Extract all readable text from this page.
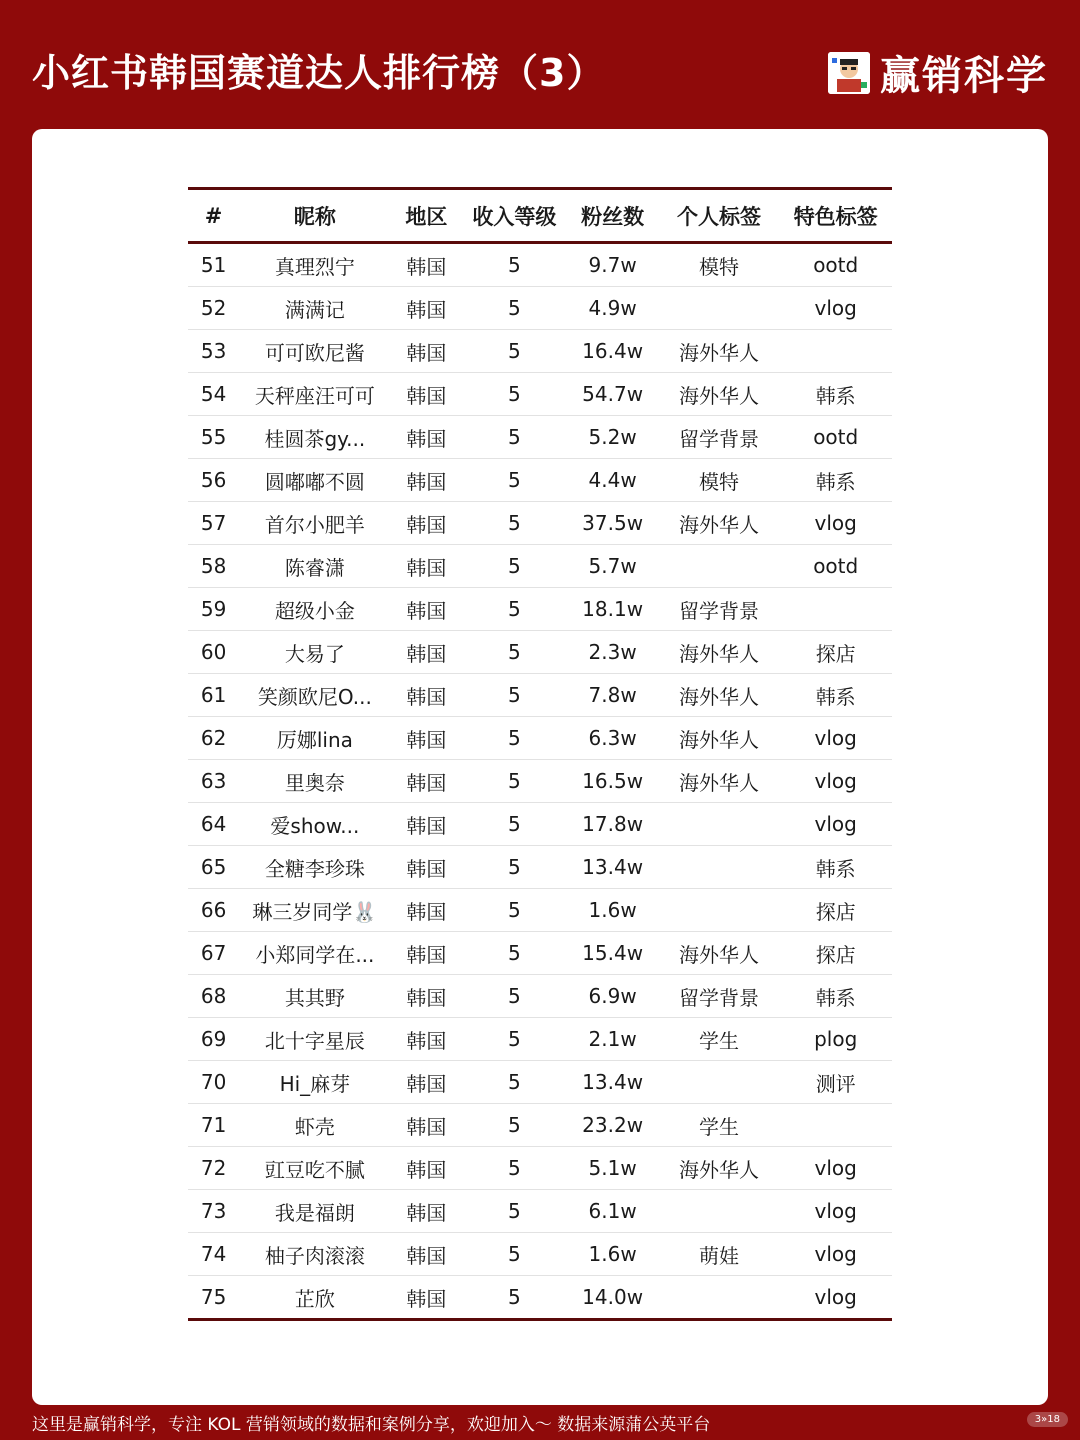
小红书韩国赛道达人排行榜（3）	赢销科学
#	昵称	地区	收入等级	粉丝数	个人标签	特色标签
51	真理烈宁	韩国	5	9.7w	模特	ootd
52	满满记	韩国	5	4.9w		vlog
53	可可欧尼酱	韩国	5	16.4w	海外华人	
54	天秤座汪可可	韩国	5	54.7w	海外华人	韩系
55	桂圆茶gy...	韩国	5	5.2w	留学背景	ootd
56	圆嘟嘟不圆	韩国	5	4.4w	模特	韩系
57	首尔小肥羊	韩国	5	37.5w	海外华人	vlog
58	陈睿潇	韩国	5	5.7w		ootd
59	超级小金	韩国	5	18.1w	留学背景	
60	大易了	韩国	5	2.3w	海外华人	探店
61	笑颜欧尼O...	韩国	5	7.8w	海外华人	韩系
62	厉娜lina	韩国	5	6.3w	海外华人	vlog
63	里奥奈	韩国	5	16.5w	海外华人	vlog
64	爱show...	韩国	5	17.8w		vlog
65	全糖李珍珠	韩国	5	13.4w		韩系
66	琳三岁同学🐰	韩国	5	1.6w		探店
67	小郑同学在...	韩国	5	15.4w	海外华人	探店
68	其其野	韩国	5	6.9w	留学背景	韩系
69	北十字星辰	韩国	5	2.1w	学生	plog
70	Hi_麻芽	韩国	5	13.4w		测评
71	虾壳	韩国	5	23.2w	学生	
72	豇豆吃不腻	韩国	5	5.1w	海外华人	vlog
73	我是福朗	韩国	5	6.1w		vlog
74	柚子肉滚滚	韩国	5	1.6w	萌娃	vlog
75	芷欣	韩国	5	14.0w		vlog
这里是赢销科学，专注 KOL 营销领域的数据和案例分享，欢迎加入～ 数据来源蒲公英平台	3»18
